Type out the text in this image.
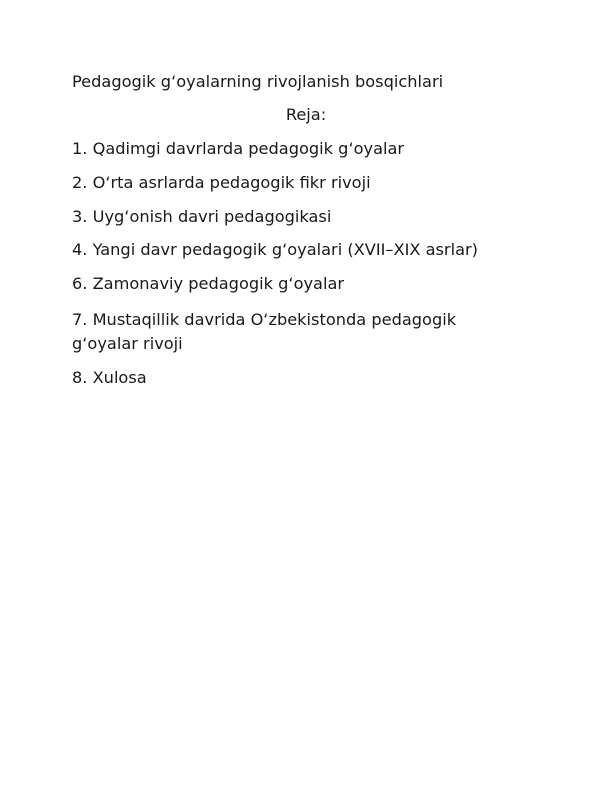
Pedagogik g‘oyalarning rivojlanish bosqichlari

Reja:

1. Qadimgi davrlarda pedagogik g‘oyalar

2. O‘rta asrlarda pedagogik fikr rivoji

3. Uyg‘onish davri pedagogikasi

4. Yangi davr pedagogik g‘oyalari (XVII–XIX asrlar)

6. Zamonaviy pedagogik g‘oyalar

7. Mustaqillik davrida O‘zbekistonda pedagogik g‘oyalar rivoji

8. Xulosa
